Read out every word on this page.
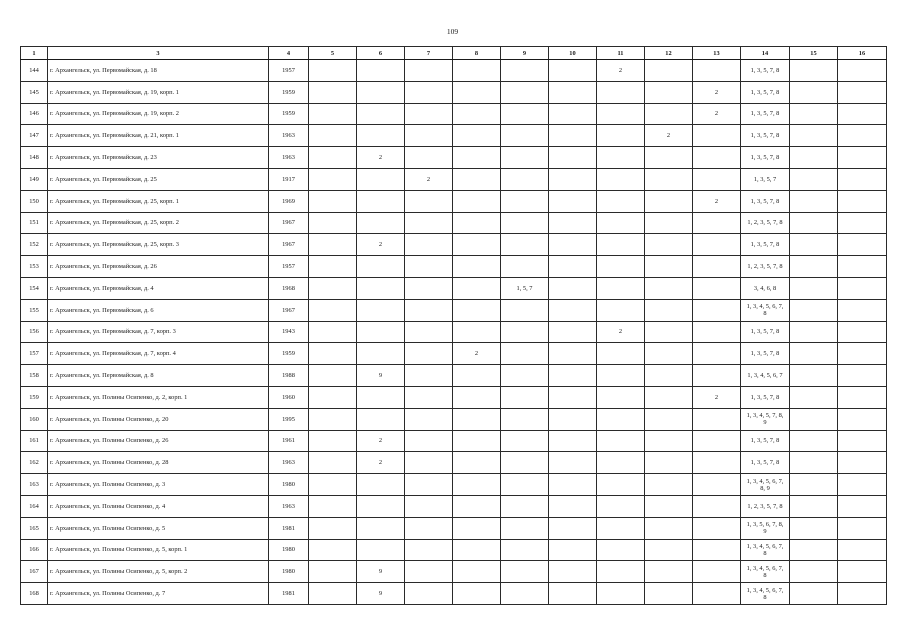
109
1	3	4	5	6	7	8	9	10	11	12	13	14	15	16
144	г. Архангельск, ул. Первомайская, д. 18	1957							2			1, 3, 5, 7, 8		
145	г. Архангельск, ул. Первомайская, д. 19, корп. 1	1959									2	1, 3, 5, 7, 8		
146	г. Архангельск, ул. Первомайская, д. 19, корп. 2	1959									2	1, 3, 5, 7, 8		
147	г. Архангельск, ул. Первомайская, д. 21, корп. 1	1963								2		1, 3, 5, 7, 8		
148	г. Архангельск, ул. Первомайская, д. 23	1963		2								1, 3, 5, 7, 8		
149	г. Архангельск, ул. Первомайская, д. 25	1917			2							1, 3, 5, 7		
150	г. Архангельск, ул. Первомайская, д. 25, корп. 1	1969									2	1, 3, 5, 7, 8		
151	г. Архангельск, ул. Первомайская, д. 25, корп. 2	1967										1, 2, 3, 5, 7, 8		
152	г. Архангельск, ул. Первомайская, д. 25, корп. 3	1967		2								1, 3, 5, 7, 8		
153	г. Архангельск, ул. Первомайская, д. 26	1957										1, 2, 3, 5, 7, 8		
154	г. Архангельск, ул. Первомайская, д. 4	1968					1, 5, 7					3, 4, 6, 8		
155	г. Архангельск, ул. Первомайская, д. 6	1967										1, 3, 4, 5, 6, 7, 8		
156	г. Архангельск, ул. Первомайская, д. 7, корп. 3	1943							2			1, 3, 5, 7, 8		
157	г. Архангельск, ул. Первомайская, д. 7, корп. 4	1959				2						1, 3, 5, 7, 8		
158	г. Архангельск, ул. Первомайская, д. 8	1988		9								1, 3, 4, 5, 6, 7		
159	г. Архангельск, ул. Полины Осипенко, д. 2, корп. 1	1960									2	1, 3, 5, 7, 8		
160	г. Архангельск, ул. Полины Осипенко, д. 20	1995										1, 3, 4, 5, 7, 8, 9		
161	г. Архангельск, ул. Полины Осипенко, д. 26	1961		2								1, 3, 5, 7, 8		
162	г. Архангельск, ул. Полины Осипенко, д. 28	1963		2								1, 3, 5, 7, 8		
163	г. Архангельск, ул. Полины Осипенко, д. 3	1980										1, 3, 4, 5, 6, 7, 8, 9		
164	г. Архангельск, ул. Полины Осипенко, д. 4	1963										1, 2, 3, 5, 7, 8		
165	г. Архангельск, ул. Полины Осипенко, д. 5	1981										1, 3, 5, 6, 7, 8, 9		
166	г. Архангельск, ул. Полины Осипенко, д. 5, корп. 1	1980										1, 3, 4, 5, 6, 7, 8		
167	г. Архангельск, ул. Полины Осипенко, д. 5, корп. 2	1980		9								1, 3, 4, 5, 6, 7, 8		
168	г. Архангельск, ул. Полины Осипенко, д. 7	1981		9								1, 3, 4, 5, 6, 7, 8		
